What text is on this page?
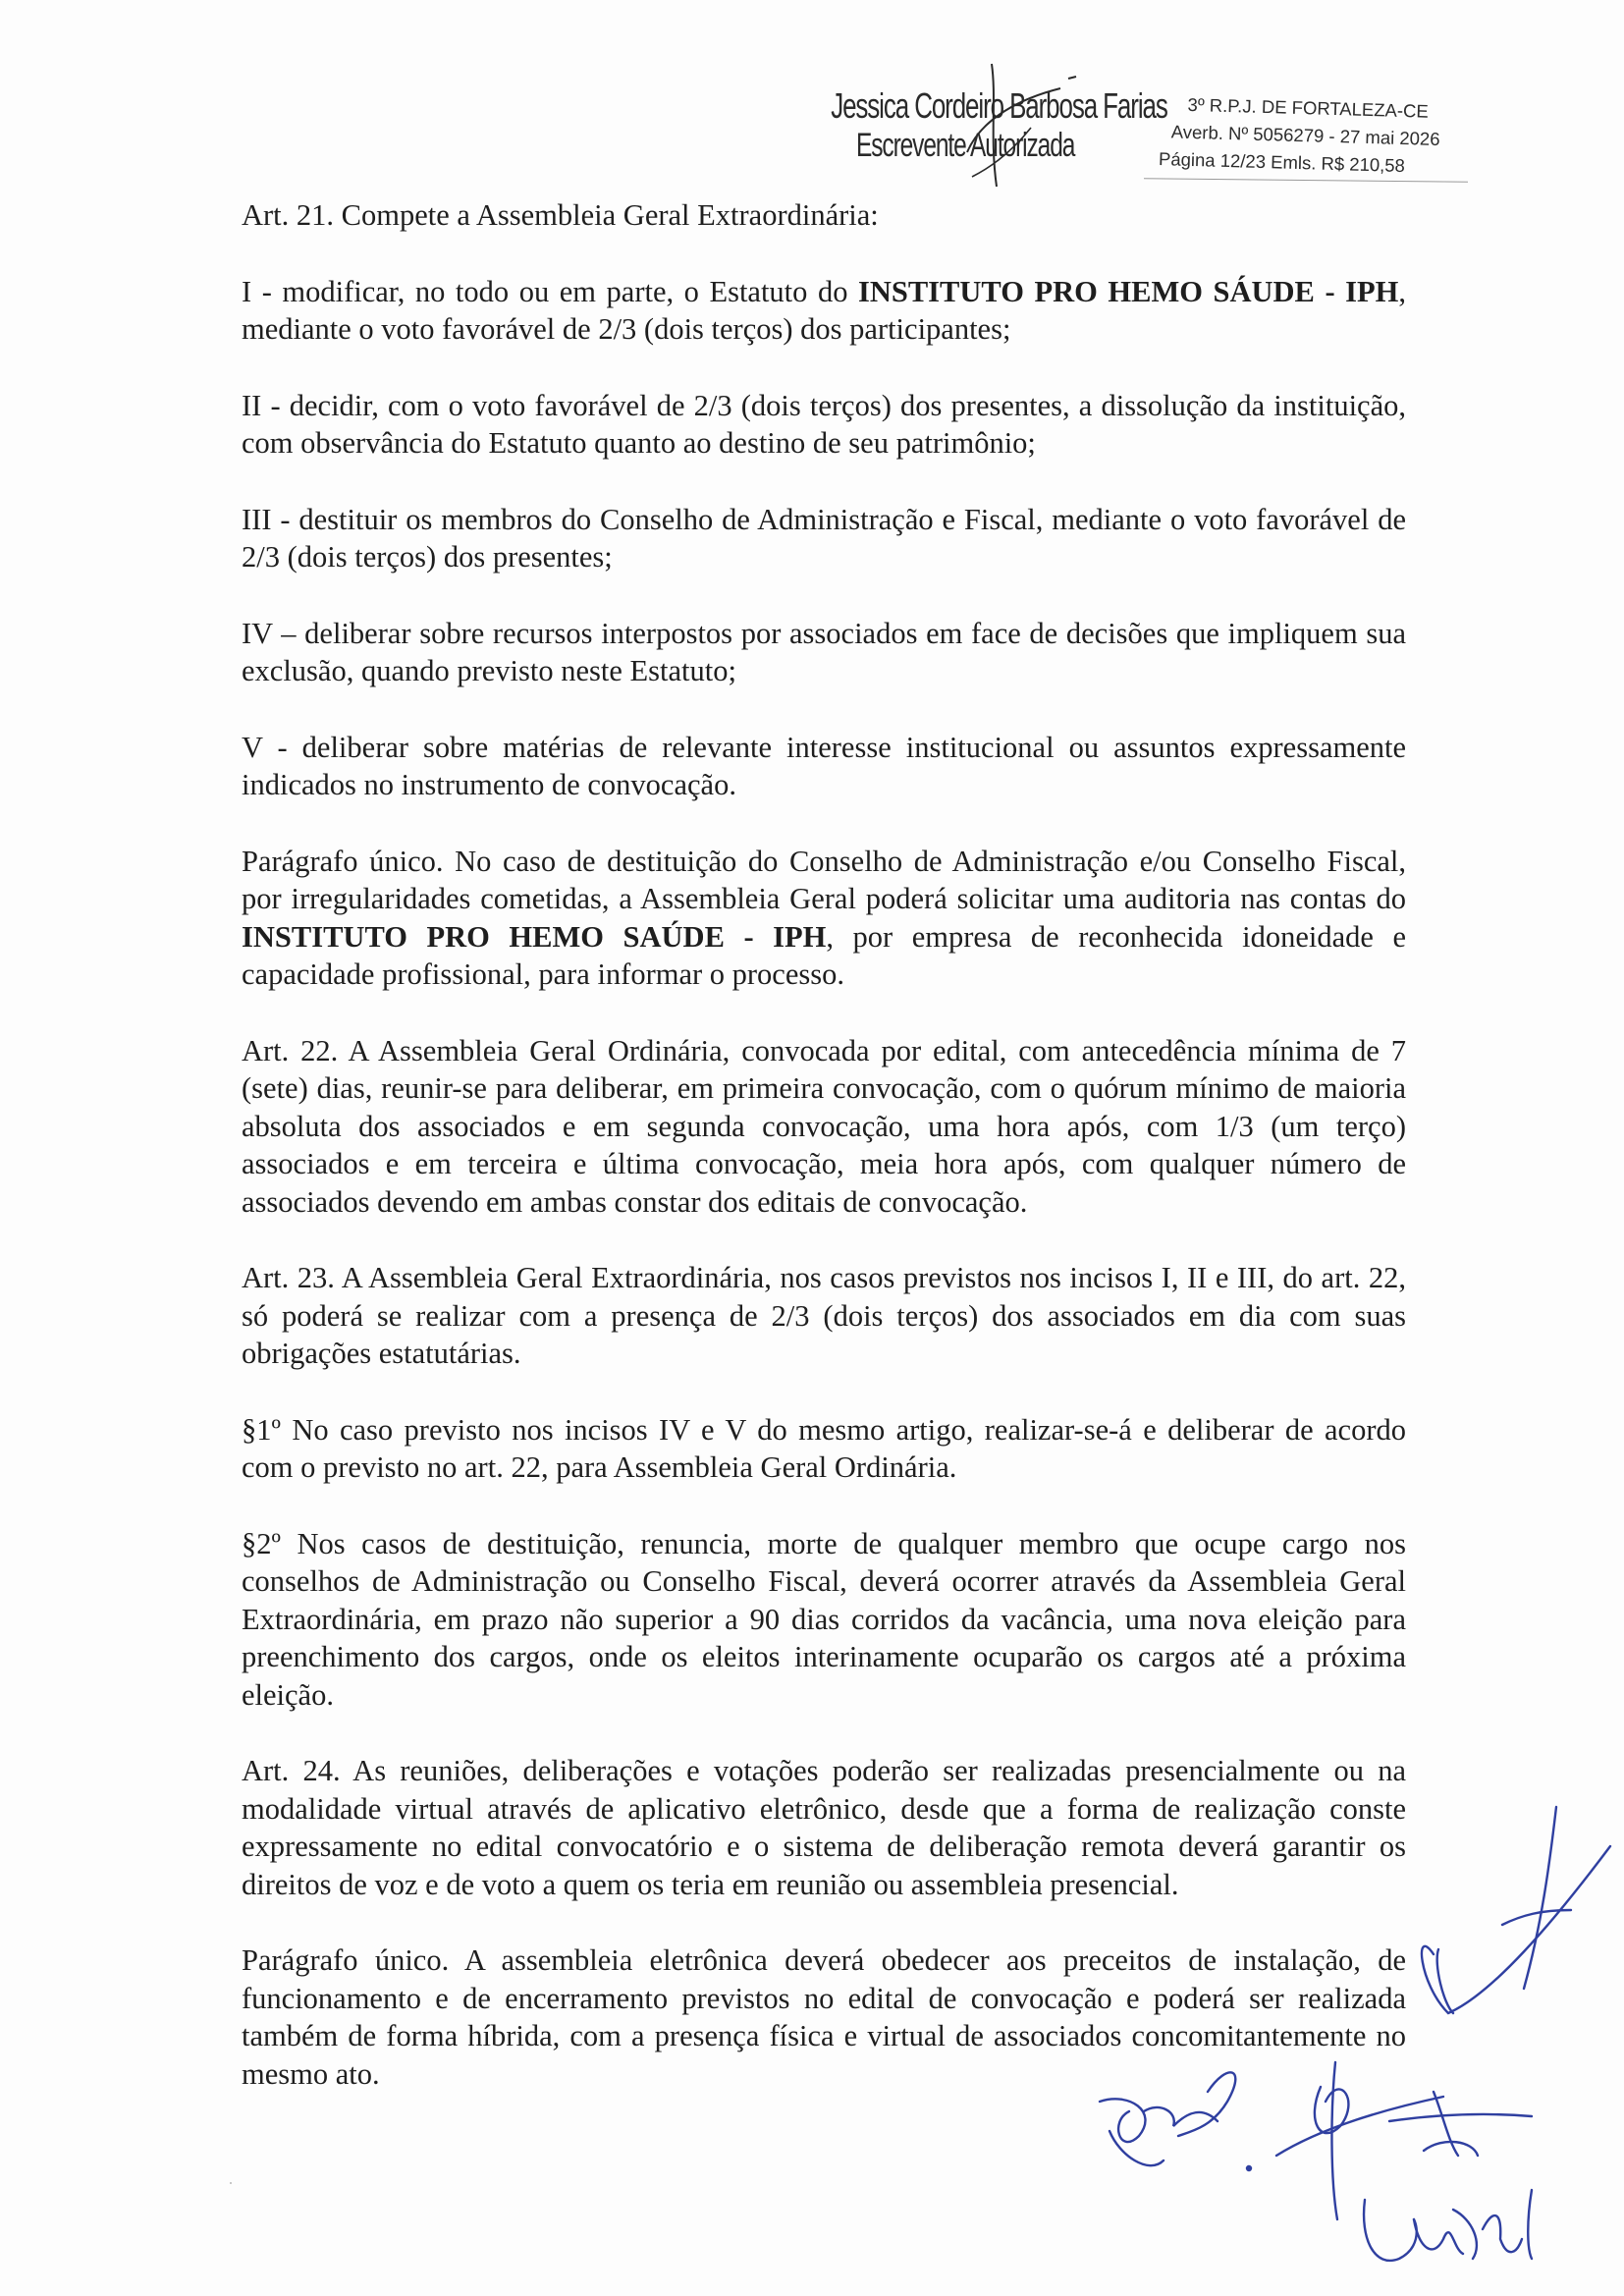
Jessica Cordeiro Barbosa Farias
Escrevente Autorizada
3º R.P.J. DE FORTALEZA-CE
Averb. Nº 5056279 - 27 mai 2026
Página 12/23 Emls. R$ 210,58

Art. 21. Compete a Assembleia Geral Extraordinária:

I - modificar, no todo ou em parte, o Estatuto do INSTITUTO PRO HEMO SÁUDE - IPH, mediante o voto favorável de 2/3 (dois terços) dos participantes;

II - decidir, com o voto favorável de 2/3 (dois terços) dos presentes, a dissolução da instituição, com observância do Estatuto quanto ao destino de seu patrimônio;

III - destituir os membros do Conselho de Administração e Fiscal, mediante o voto favorável de 2/3 (dois terços) dos presentes;

IV – deliberar sobre recursos interpostos por associados em face de decisões que impliquem sua exclusão, quando previsto neste Estatuto;

V - deliberar sobre matérias de relevante interesse institucional ou assuntos expressamente indicados no instrumento de convocação.

Parágrafo único. No caso de destituição do Conselho de Administração e/ou Conselho Fiscal, por irregularidades cometidas, a Assembleia Geral poderá solicitar uma auditoria nas contas do INSTITUTO PRO HEMO SAÚDE - IPH, por empresa de reconhecida idoneidade e capacidade profissional, para informar o processo.

Art. 22. A Assembleia Geral Ordinária, convocada por edital, com antecedência mínima de 7 (sete) dias, reunir-se para deliberar, em primeira convocação, com o quórum mínimo de maioria absoluta dos associados e em segunda convocação, uma hora após, com 1/3 (um terço) associados e em terceira e última convocação, meia hora após, com qualquer número de associados devendo em ambas constar dos editais de convocação.

Art. 23. A Assembleia Geral Extraordinária, nos casos previstos nos incisos I, II e III, do art. 22, só poderá se realizar com a presença de 2/3 (dois terços) dos associados em dia com suas obrigações estatutárias.

§1º No caso previsto nos incisos IV e V do mesmo artigo, realizar-se-á e deliberar de acordo com o previsto no art. 22, para Assembleia Geral Ordinária.

§2º Nos casos de destituição, renuncia, morte de qualquer membro que ocupe cargo nos conselhos de Administração ou Conselho Fiscal, deverá ocorrer através da Assembleia Geral Extraordinária, em prazo não superior a 90 dias corridos da vacância, uma nova eleição para preenchimento dos cargos, onde os eleitos interinamente ocuparão os cargos até a próxima eleição.

Art. 24. As reuniões, deliberações e votações poderão ser realizadas presencialmente ou na modalidade virtual através de aplicativo eletrônico, desde que a forma de realização conste expressamente no edital convocatório e o sistema de deliberação remota deverá garantir os direitos de voz e de voto a quem os teria em reunião ou assembleia presencial.

Parágrafo único. A assembleia eletrônica deverá obedecer aos preceitos de instalação, de funcionamento e de encerramento previstos no edital de convocação e poderá ser realizada também de forma híbrida, com a presença física e virtual de associados concomitantemente no mesmo ato.
